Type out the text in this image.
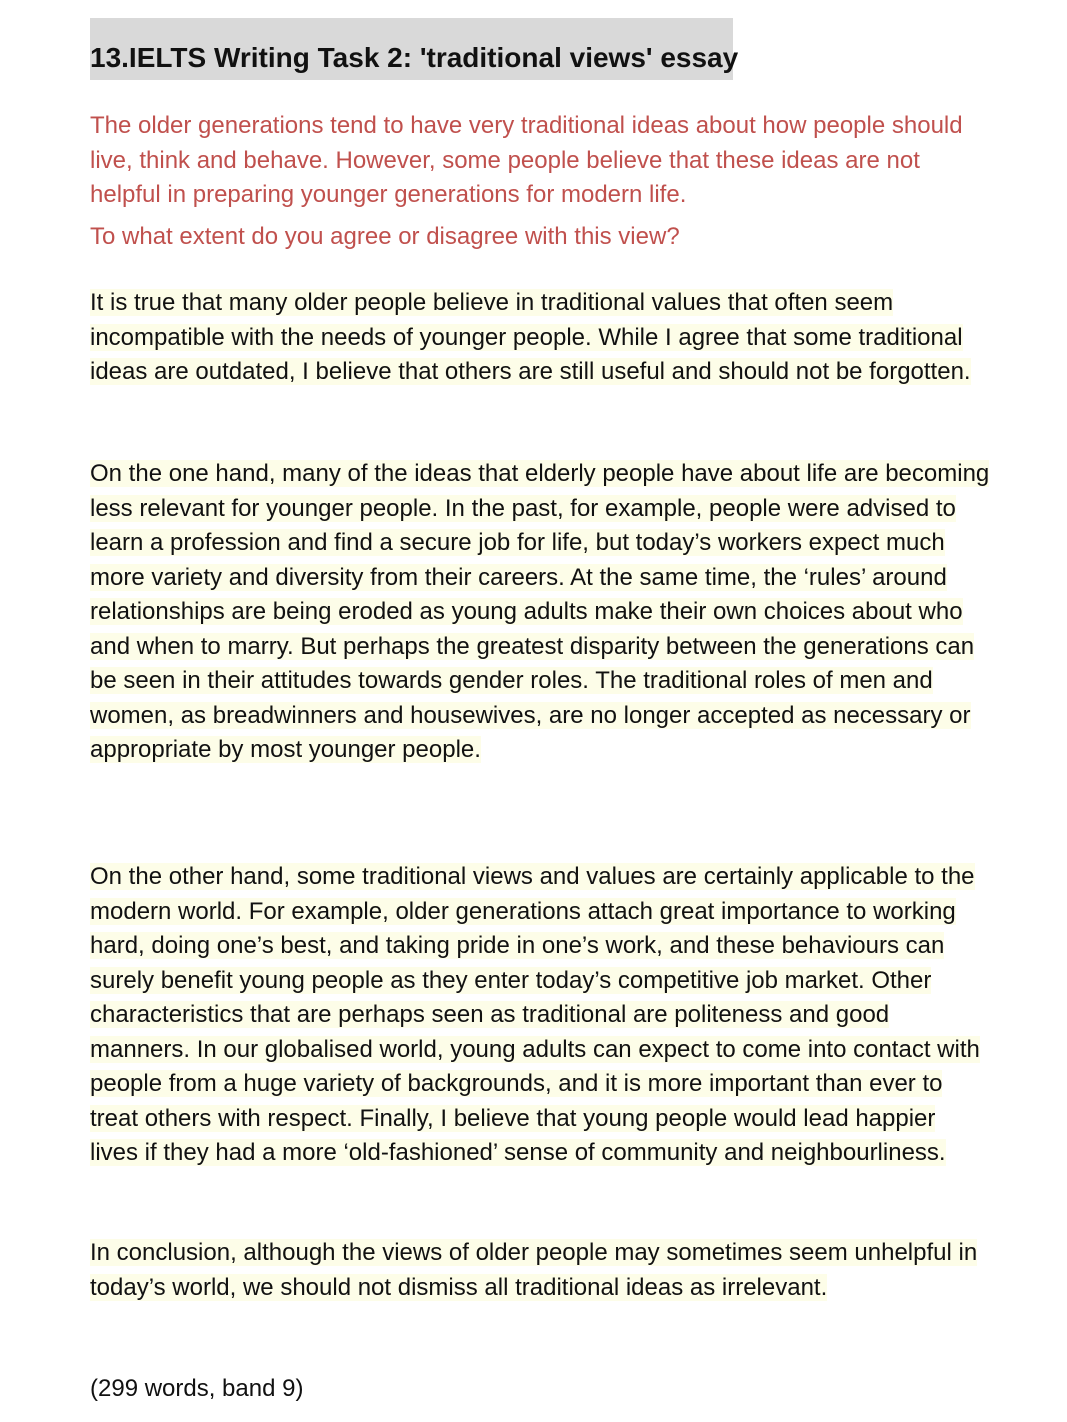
13.IELTS Writing Task 2: 'traditional views' essay
The older generations tend to have very traditional ideas about how people should live, think and behave. However, some people believe that these ideas are not helpful in preparing younger generations for modern life.
To what extent do you agree or disagree with this view?
It is true that many older people believe in traditional values that often seem incompatible with the needs of younger people. While I agree that some traditional ideas are outdated, I believe that others are still useful and should not be forgotten.
On the one hand, many of the ideas that elderly people have about life are becoming less relevant for younger people. In the past, for example, people were advised to learn a profession and find a secure job for life, but today’s workers expect much more variety and diversity from their careers. At the same time, the ‘rules’ around relationships are being eroded as young adults make their own choices about who and when to marry. But perhaps the greatest disparity between the generations can be seen in their attitudes towards gender roles. The traditional roles of men and women, as breadwinners and housewives, are no longer accepted as necessary or appropriate by most younger people.
On the other hand, some traditional views and values are certainly applicable to the modern world. For example, older generations attach great importance to working hard, doing one’s best, and taking pride in one’s work, and these behaviours can surely benefit young people as they enter today’s competitive job market. Other characteristics that are perhaps seen as traditional are politeness and good manners. In our globalised world, young adults can expect to come into contact with people from a huge variety of backgrounds, and it is more important than ever to treat others with respect. Finally, I believe that young people would lead happier lives if they had a more ‘old-fashioned’ sense of community and neighbourliness.
In conclusion, although the views of older people may sometimes seem unhelpful in today’s world, we should not dismiss all traditional ideas as irrelevant.
(299 words, band 9)
